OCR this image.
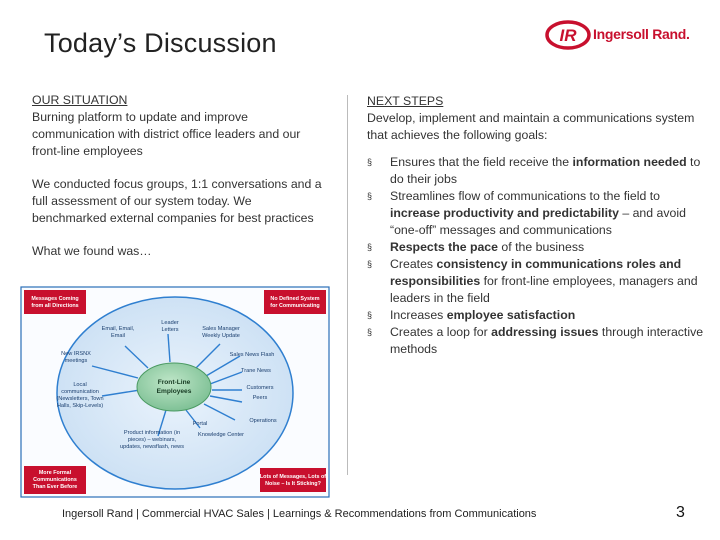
Today’s Discussion	IR Ingersoll Rand.

OUR SITUATION

Burning platform to update and improve communication with district office leaders and our front-line employees

We conducted focus groups, 1:1 conversations and a full assessment of our system today. We benchmarked external companies for best practices

What we found was…

Front-Line Employees
Email, Email, Email
Leader Letters	Sales Manager Weekly Update
New IRSNX meetings
Sales News Flash
Trane News
Customers
Peers
Local communication (Newsletters, Town Halls, Skip-Levels)
Operations
Portal
Knowledge Center
Product information (in pieces) – webinars, updates, newsflash, news
Messages Coming from all Directions
No Defined System for Communicating
More Formal Communications Than Ever Before
Lots of Messages, Lots of Noise – Is It Sticking?

NEXT STEPS

Develop, implement and maintain a communications system that achieves the following goals:

§ Ensures that the field receive the information needed to do their jobs
§ Streamlines flow of communications to the field to increase productivity and predictability – and avoid “one-off” messages and communications
§ Respects the pace of the business
§ Creates consistency in communications roles and responsibilities for front-line employees, managers and leaders in the field
§ Increases employee satisfaction
§ Creates a loop for addressing issues through interactive methods
Ingersoll Rand | Commercial HVAC Sales | Learnings & Recommendations from Communications	3
